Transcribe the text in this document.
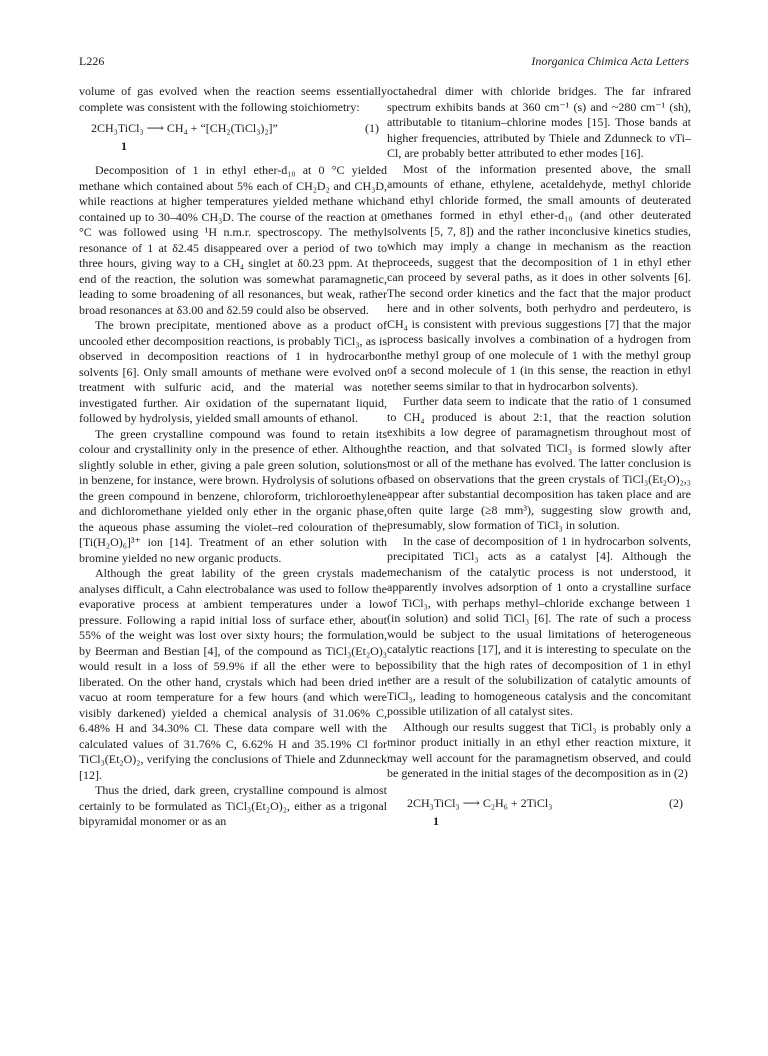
L226	Inorganica Chimica Acta Letters

volume of gas evolved when the reaction seems essentially complete was consistent with the following stoichiometry:

2CH₃TiCl₃ ⟶ CH₄ + “[CH₂(TiCl₃)₂]”	(1)
1

Decomposition of 1 in ethyl ether-d₁₀ at 0 °C yielded methane which contained about 5% each of CH₂D₂ and CH₃D, while reactions at higher temperatures yielded methane which contained up to 30–40% CH₃D. The course of the reaction at 0 °C was followed using ¹H n.m.r. spectroscopy. The methyl resonance of 1 at δ2.45 disappeared over a period of two to three hours, giving way to a CH₄ singlet at δ0.23 ppm. At the end of the reaction, the solution was somewhat paramagnetic, leading to some broadening of all resonances, but weak, rather broad resonances at δ3.00 and δ2.59 could also be observed.

The brown precipitate, mentioned above as a product of uncooled ether decomposition reactions, is probably TiCl₃, as is observed in decomposition reactions of 1 in hydrocarbon solvents [6]. Only small amounts of methane were evolved on treatment with sulfuric acid, and the material was not investigated further. Air oxidation of the supernatant liquid, followed by hydrolysis, yielded small amounts of ethanol.

The green crystalline compound was found to retain its colour and crystallinity only in the presence of ether. Although slightly soluble in ether, giving a pale green solution, solutions in benzene, for instance, were brown. Hydrolysis of solutions of the green compound in benzene, chloroform, trichloroethylene and dichloromethane yielded only ether in the organic phase, the aqueous phase assuming the violet–red colouration of the [Ti(H₂O)₆]³⁺ ion [14]. Treatment of an ether solution with bromine yielded no new organic products.

Although the great lability of the green crystals made analyses difficult, a Cahn electrobalance was used to follow the evaporative process at ambient temperatures under a low pressure. Following a rapid initial loss of surface ether, about 55% of the weight was lost over sixty hours; the formulation, by Beerman and Bestian [4], of the compound as TiCl₃(Et₂O)₃ would result in a loss of 59.9% if all the ether were to be liberated. On the other hand, crystals which had been dried in vacuo at room temperature for a few hours (and which were visibly darkened) yielded a chemical analysis of 31.06% C, 6.48% H and 34.30% Cl. These data compare well with the calculated values of 31.76% C, 6.62% H and 35.19% Cl for TiCl₃(Et₂O)₂, verifying the conclusions of Thiele and Zdunneck [12].

Thus the dried, dark green, crystalline compound is almost certainly to be formulated as TiCl₃(Et₂O)₂, either as a trigonal bipyramidal monomer or as an

octahedral dimer with chloride bridges. The far infrared spectrum exhibits bands at 360 cm⁻¹ (s) and ~280 cm⁻¹ (sh), attributable to titanium–chlorine modes [15]. Those bands at higher frequencies, attributed by Thiele and Zdunneck to νTi–Cl, are probably better attributed to ether modes [16].

Most of the information presented above, the small amounts of ethane, ethylene, acetaldehyde, methyl chloride and ethyl chloride formed, the small amounts of deuterated methanes formed in ethyl ether-d₁₀ (and other deuterated solvents [5, 7, 8]) and the rather inconclusive kinetics studies, which may imply a change in mechanism as the reaction proceeds, suggest that the decomposition of 1 in ethyl ether can proceed by several paths, as it does in other solvents [6]. The second order kinetics and the fact that the major product here and in other solvents, both perhydro and perdeutero, is CH₄ is consistent with previous suggestions [7] that the major process basically involves a combination of a hydrogen from the methyl group of one molecule of 1 with the methyl group of a second molecule of 1 (in this sense, the reaction in ethyl ether seems similar to that in hydrocarbon solvents).

Further data seem to indicate that the ratio of 1 consumed to CH₄ produced is about 2:1, that the reaction solution exhibits a low degree of paramagnetism throughout most of the reaction, and that solvated TiCl₃ is formed slowly after most or all of the methane has evolved. The latter conclusion is based on observations that the green crystals of TiCl₃(Et₂O)₂,₃ appear after substantial decomposition has taken place and are often quite large (≥8 mm³), suggesting slow growth and, presumably, slow formation of TiCl₃ in solution.

In the case of decomposition of 1 in hydrocarbon solvents, precipitated TiCl₃ acts as a catalyst [4]. Although the mechanism of the catalytic process is not understood, it apparently involves adsorption of 1 onto a crystalline surface of TiCl₃, with perhaps methyl–chloride exchange between 1 (in solution) and solid TiCl₃ [6]. The rate of such a process would be subject to the usual limitations of heterogeneous catalytic reactions [17], and it is interesting to speculate on the possibility that the high rates of decomposition of 1 in ethyl ether are a result of the solubilization of catalytic amounts of TiCl₃, leading to homogeneous catalysis and the concomitant possible utilization of all catalyst sites.

Although our results suggest that TiCl₃ is probably only a minor product initially in an ethyl ether reaction mixture, it may well account for the paramagnetism observed, and could be generated in the initial stages of the decomposition as in (2)

2CH₃TiCl₃ ⟶ C₂H₆ + 2TiCl₃	(2)
1
